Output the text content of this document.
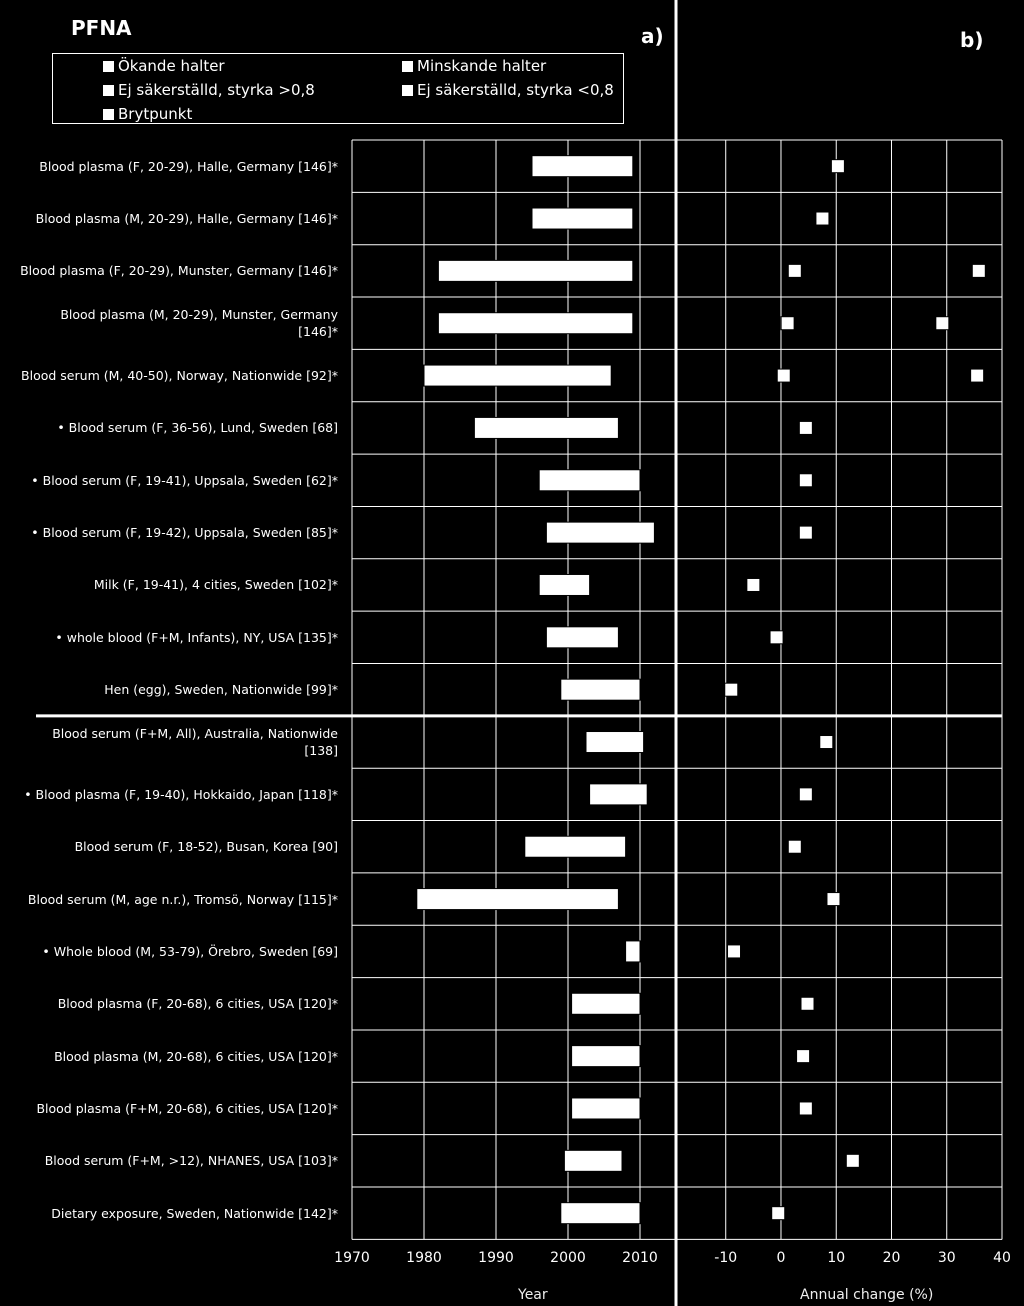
PFNA	a)	b)
Ökande halter	Minskande halter
Ej säkerställd, styrka >0,8	Ej säkerställd, styrka <0,8
Brytpunkt
Blood plasma (F, 20-29), Halle, Germany [146]*
Blood plasma (M, 20-29), Halle, Germany [146]*
Blood plasma (F, 20-29), Munster, Germany [146]*
Blood plasma (M, 20-29), Munster, Germany [146]*
Blood serum (M, 40-50), Norway, Nationwide [92]*
• Blood serum (F, 36-56), Lund, Sweden [68]
• Blood serum (F, 19-41), Uppsala, Sweden [62]*
• Blood serum (F, 19-42), Uppsala, Sweden [85]*
Milk (F, 19-41), 4 cities, Sweden [102]*
• whole blood (F+M, Infants), NY, USA [135]*
Hen (egg), Sweden, Nationwide [99]*
Blood serum (F+M, All), Australia, Nationwide [138]
• Blood plasma (F, 19-40), Hokkaido, Japan [118]*
Blood serum (F, 18-52), Busan, Korea [90]
Blood serum (M, age n.r.), Tromsö, Norway [115]*
• Whole blood (M, 53-79), Örebro, Sweden [69]
Blood plasma (F, 20-68), 6 cities, USA [120]*
Blood plasma (M, 20-68), 6 cities, USA [120]*
Blood plasma (F+M, 20-68), 6 cities, USA [120]*
Blood serum (F+M, >12), NHANES, USA [103]*
Dietary exposure, Sweden, Nationwide [142]*
1970	1980	1990	2000	2010	-10	0	10	20	30	40
Year	Annual change (%)
